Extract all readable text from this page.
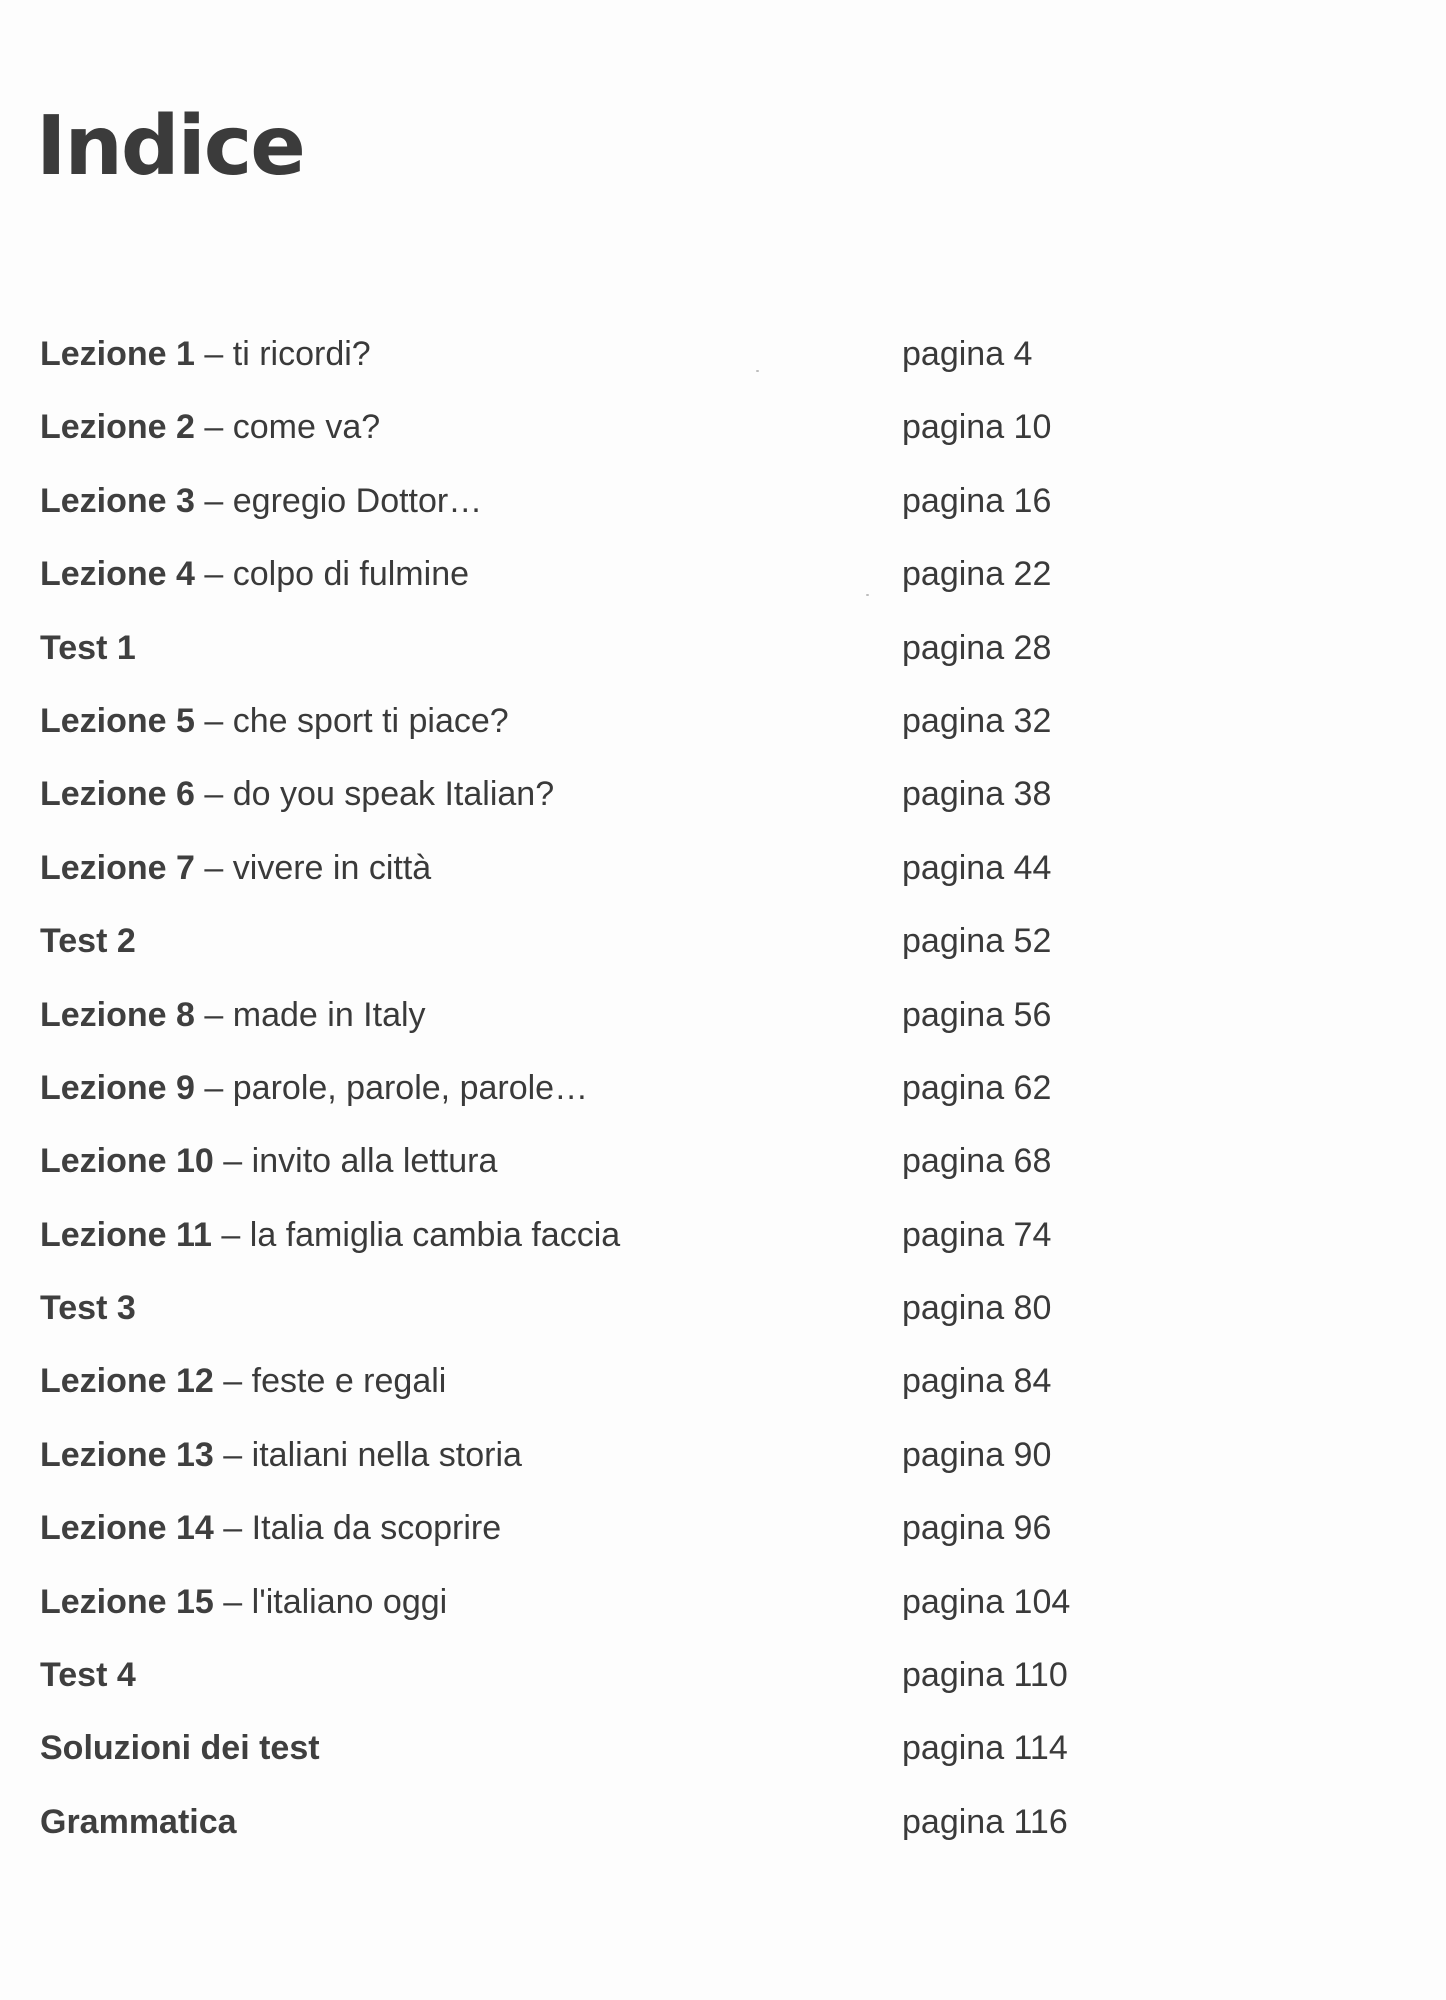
Indice
Lezione 1 – ti ricordi?	pagina 4
Lezione 2 – come va?	pagina 10
Lezione 3 – egregio Dottor…	pagina 16
Lezione 4 – colpo di fulmine	pagina 22
Test 1	pagina 28
Lezione 5 – che sport ti piace?	pagina 32
Lezione 6 – do you speak Italian?	pagina 38
Lezione 7 – vivere in città	pagina 44
Test 2	pagina 52
Lezione 8 – made in Italy	pagina 56
Lezione 9 – parole, parole, parole…	pagina 62
Lezione 10 – invito alla lettura	pagina 68
Lezione 11 – la famiglia cambia faccia	pagina 74
Test 3	pagina 80
Lezione 12 – feste e regali	pagina 84
Lezione 13 – italiani nella storia	pagina 90
Lezione 14 – Italia da scoprire	pagina 96
Lezione 15 – l'italiano oggi	pagina 104
Test 4	pagina 110
Soluzioni dei test	pagina 114
Grammatica	pagina 116
